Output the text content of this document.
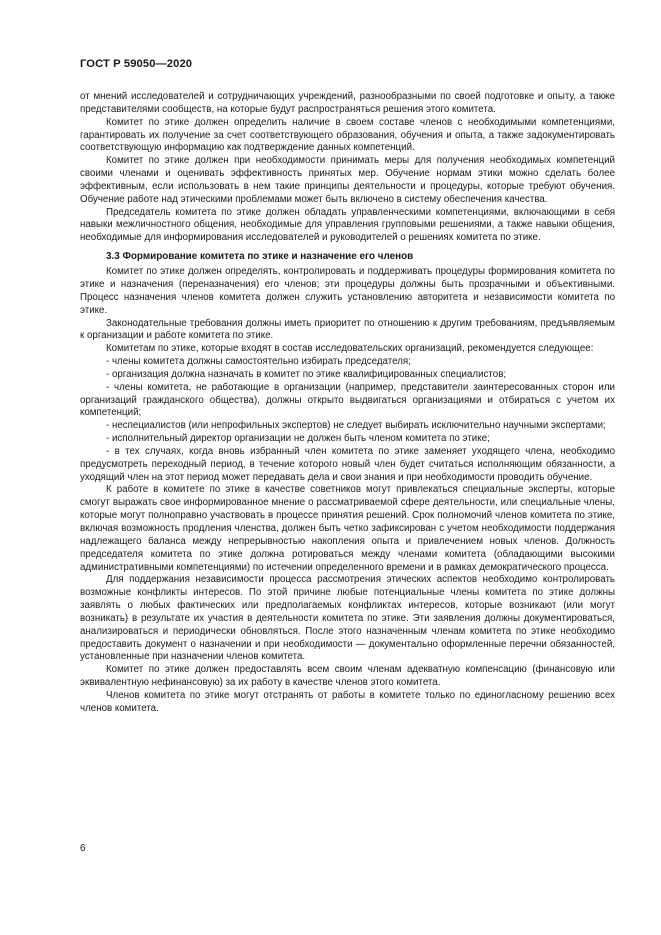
ГОСТ Р 59050—2020

от мнений исследователей и сотрудничающих учреждений, разнообразными по своей подготовке и опыту, а также представителями сообществ, на которые будут распространяться решения этого комитета.

Комитет по этике должен определить наличие в своем составе членов с необходимыми компетенциями, гарантировать их получение за счет соответствующего образования, обучения и опыта, а также задокументировать соответствующую информацию как подтверждение данных компетенций.

Комитет по этике должен при необходимости принимать меры для получения необходимых компетенций своими членами и оценивать эффективность принятых мер. Обучение нормам этики можно сделать более эффективным, если использовать в нем такие принципы деятельности и процедуры, которые требуют обучения. Обучение работе над этическими проблемами может быть включено в систему обеспечения качества.

Председатель комитета по этике должен обладать управленческими компетенциями, включающими в себя навыки межличностного общения, необходимые для управления групповыми решениями, а также навыки общения, необходимые для информирования исследователей и руководителей о решениях комитета по этике.

3.3 Формирование комитета по этике и назначение его членов

Комитет по этике должен определять, контролировать и поддерживать процедуры формирования комитета по этике и назначения (переназначения) его членов; эти процедуры должны быть прозрачными и объективными. Процесс назначения членов комитета должен служить установлению авторитета и независимости комитета по этике.

Законодательные требования должны иметь приоритет по отношению к другим требованиям, предъявляемым к организации и работе комитета по этике.

Комитетам по этике, которые входят в состав исследовательских организаций, рекомендуется следующее:

- члены комитета должны самостоятельно избирать председателя;

- организация должна назначать в комитет по этике квалифицированных специалистов;

- члены комитета, не работающие в организации (например, представители заинтересованных сторон или организаций гражданского общества), должны открыто выдвигаться организациями и отбираться с учетом их компетенций;

- неспециалистов (или непрофильных экспертов) не следует выбирать исключительно научными экспертами;

- исполнительный директор организации не должен быть членом комитета по этике;

- в тех случаях, когда вновь избранный член комитета по этике заменяет уходящего члена, необходимо предусмотреть переходный период, в течение которого новый член будет считаться исполняющим обязанности, а уходящий член на этот период может передавать дела и свои знания и при необходимости проводить обучение.

К работе в комитете по этике в качестве советников могут привлекаться специальные эксперты, которые смогут выражать свое информированное мнение о рассматриваемой сфере деятельности, или специальные члены, которые могут полноправно участвовать в процессе принятия решений. Срок полномочий членов комитета по этике, включая возможность продления членства, должен быть четко зафиксирован с учетом необходимости поддержания надлежащего баланса между непрерывностью накопления опыта и привлечением новых членов. Должность председателя комитета по этике должна ротироваться между членами комитета (обладающими высокими административными компетенциями) по истечении определенного времени и в рамках демократического процесса.

Для поддержания независимости процесса рассмотрения этических аспектов необходимо контролировать возможные конфликты интересов. По этой причине любые потенциальные члены комитета по этике должны заявлять о любых фактических или предполагаемых конфликтах интересов, которые возникают (или могут возникать) в результате их участия в деятельности комитета по этике. Эти заявления должны документироваться, анализироваться и периодически обновляться. После этого назначенным членам комитета по этике необходимо предоставить документ о назначении и при необходимости — документально оформленные перечни обязанностей, установленные при назначении членов комитета.

Комитет по этике должен предоставлять всем своим членам адекватную компенсацию (финансовую или эквивалентную нефинансовую) за их работу в качестве членов этого комитета.

Членов комитета по этике могут отстранять от работы в комитете только по единогласному решению всех членов комитета.

6
